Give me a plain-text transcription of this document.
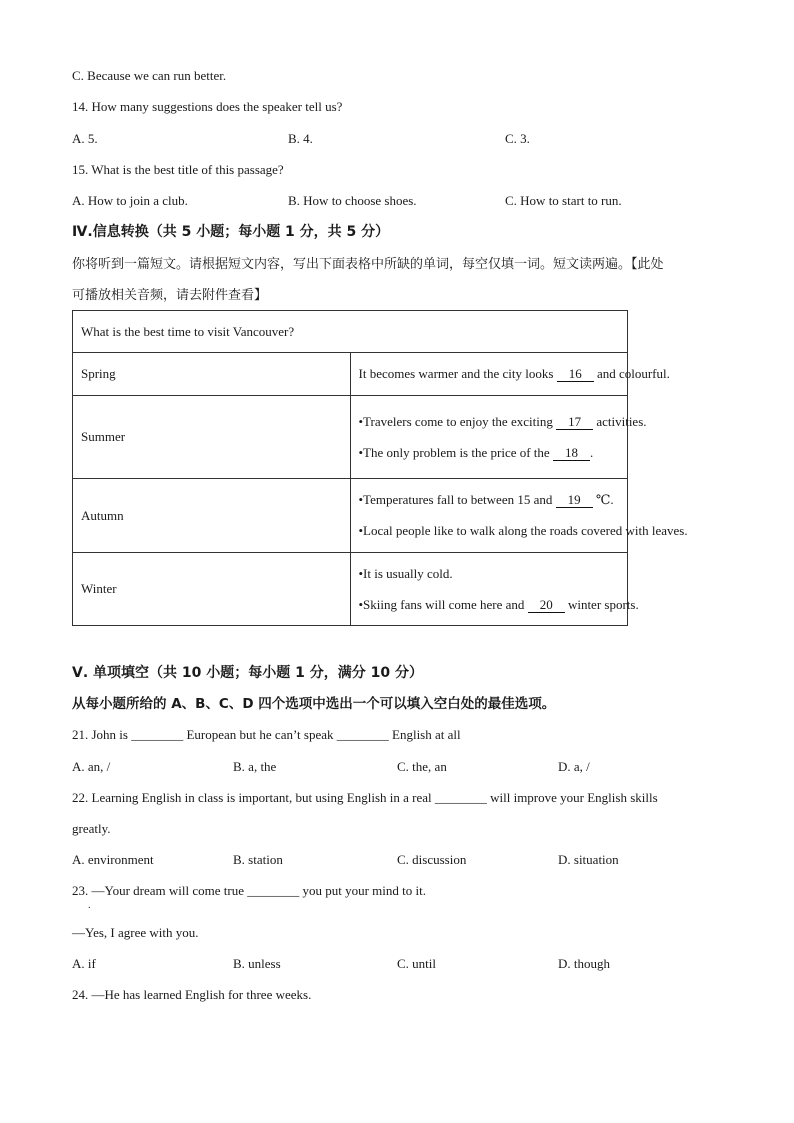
C. Because we can run better.
14. How many suggestions does the speaker tell us?
A. 5.	B. 4.	C. 3.
15. What is the best title of this passage?
A. How to join a club.	B. How to choose shoes.	C. How to start to run.
Ⅳ.信息转换（共 5 小题；每小题 1 分，共 5 分）
你将听到一篇短文。请根据短文内容，写出下面表格中所缺的单词，每空仅填一词。短文读两遍。【此处
可播放相关音频，请去附件查看】
What is the best time to visit Vancouver?	
Spring	It becomes warmer and the city looks 16 and colourful.

Summer	•Travelers come to enjoy the exciting 17 activities.
•The only problem is the price of the 18 .

Autumn	•Temperatures fall to between 15 and 19 ℃.
•Local people like to walk along the roads covered with leaves.

Winter	•It is usually cold.
•Skiing fans will come here and 20 winter sports.
Ⅴ. 单项填空（共 10 小题；每小题 1 分，满分 10 分）
从每小题所给的 A、B、C、D 四个选项中选出一个可以填入空白处的最佳选项。
21. John is ________ European but he can’t speak ________ English at all
A. an, /	B. a, the	C. the, an	D. a, /
22. Learning English in class is important, but using English in a real ________ will improve your English skills
greatly.
A. environment	B. station	C. discussion	D. situation
23. —Your dream will come true ________ you put your mind to it.
.
—Yes, I agree with you.
A. if	B. unless	C. until	D. though
24. —He has learned English for three weeks.
